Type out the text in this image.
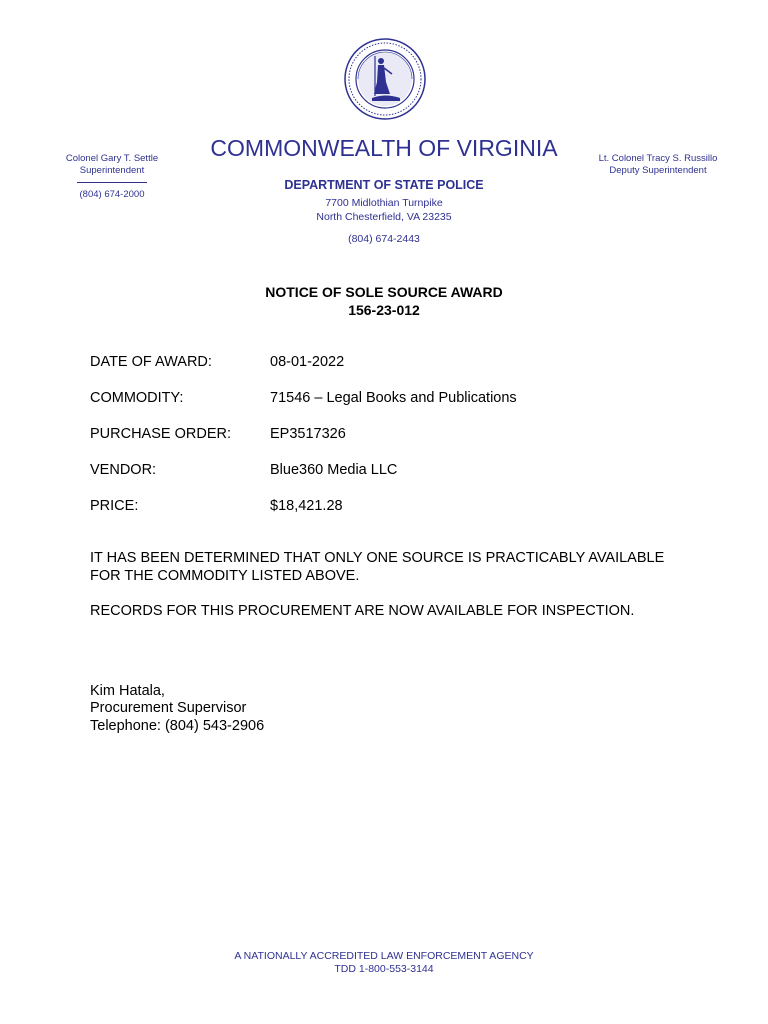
Colonel Gary T. Settle
Superintendent
(804) 674-2000
Lt. Colonel Tracy S. Russillo
Deputy Superintendent
COMMONWEALTH OF VIRGINIA
DEPARTMENT OF STATE POLICE
7700 Midlothian Turnpike
North Chesterfield, VA 23235
(804) 674-2443
NOTICE OF SOLE SOURCE AWARD
156-23-012
DATE OF AWARD:	08-01-2022
COMMODITY:	71546 – Legal Books and Publications
PURCHASE ORDER:	EP3517326
VENDOR:	Blue360 Media LLC
PRICE:	$18,421.28
IT HAS BEEN DETERMINED THAT ONLY ONE SOURCE IS PRACTICABLY AVAILABLE
FOR THE COMMODITY LISTED ABOVE.
RECORDS FOR THIS PROCUREMENT ARE NOW AVAILABLE FOR INSPECTION.
Kim Hatala,
Procurement Supervisor
Telephone: (804) 543-2906
A NATIONALLY ACCREDITED LAW ENFORCEMENT AGENCY
TDD 1-800-553-3144
